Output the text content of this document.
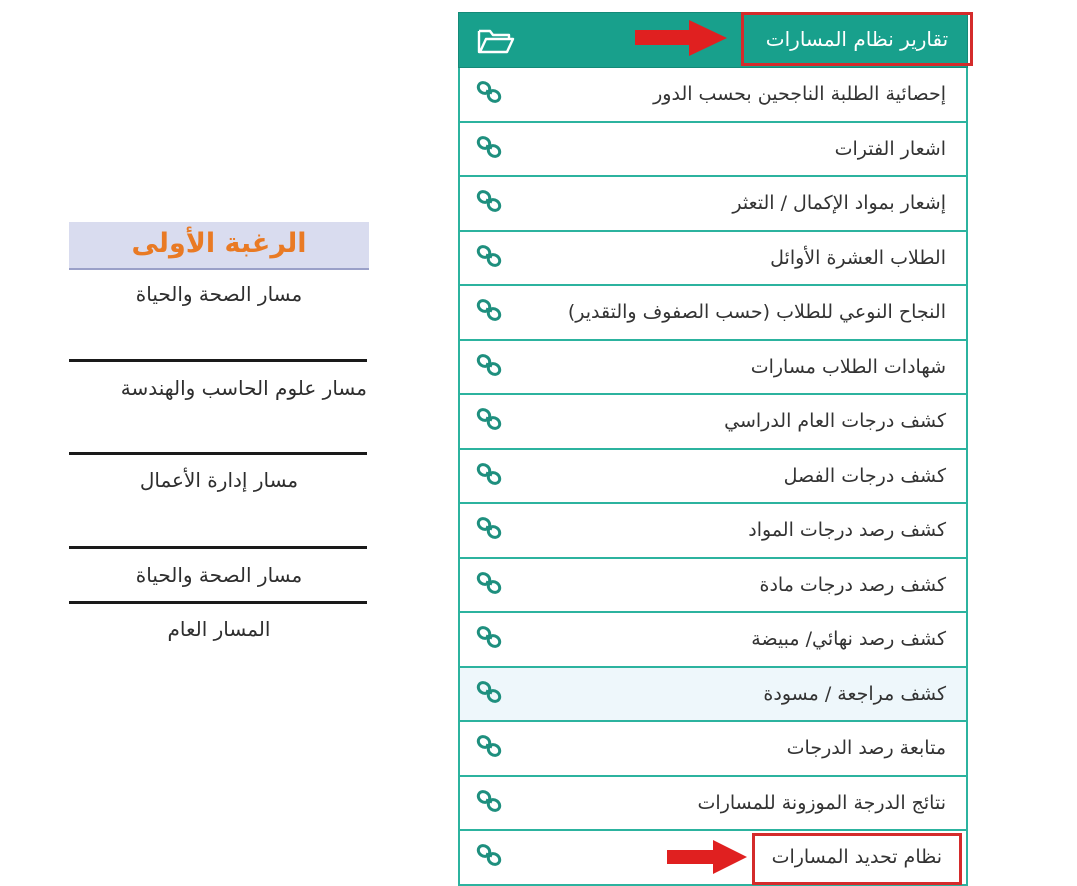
الرغبة الأولى
مسار الصحة والحياة
مسار علوم الحاسب والهندسة
مسار إدارة الأعمال
مسار الصحة والحياة
المسار العام
تقارير نظام المسارات
إحصائية الطلبة الناجحين بحسب الدور
اشعار الفترات
إشعار بمواد الإكمال / التعثر
الطلاب العشرة الأوائل
النجاح النوعي للطلاب (حسب الصفوف والتقدير)
شهادات الطلاب مسارات
كشف درجات العام الدراسي
كشف درجات الفصل
كشف رصد درجات المواد
كشف رصد درجات مادة
كشف رصد نهائي/ مبيضة
كشف مراجعة / مسودة
متابعة رصد الدرجات
نتائج الدرجة الموزونة للمسارات
نظام تحديد المسارات
